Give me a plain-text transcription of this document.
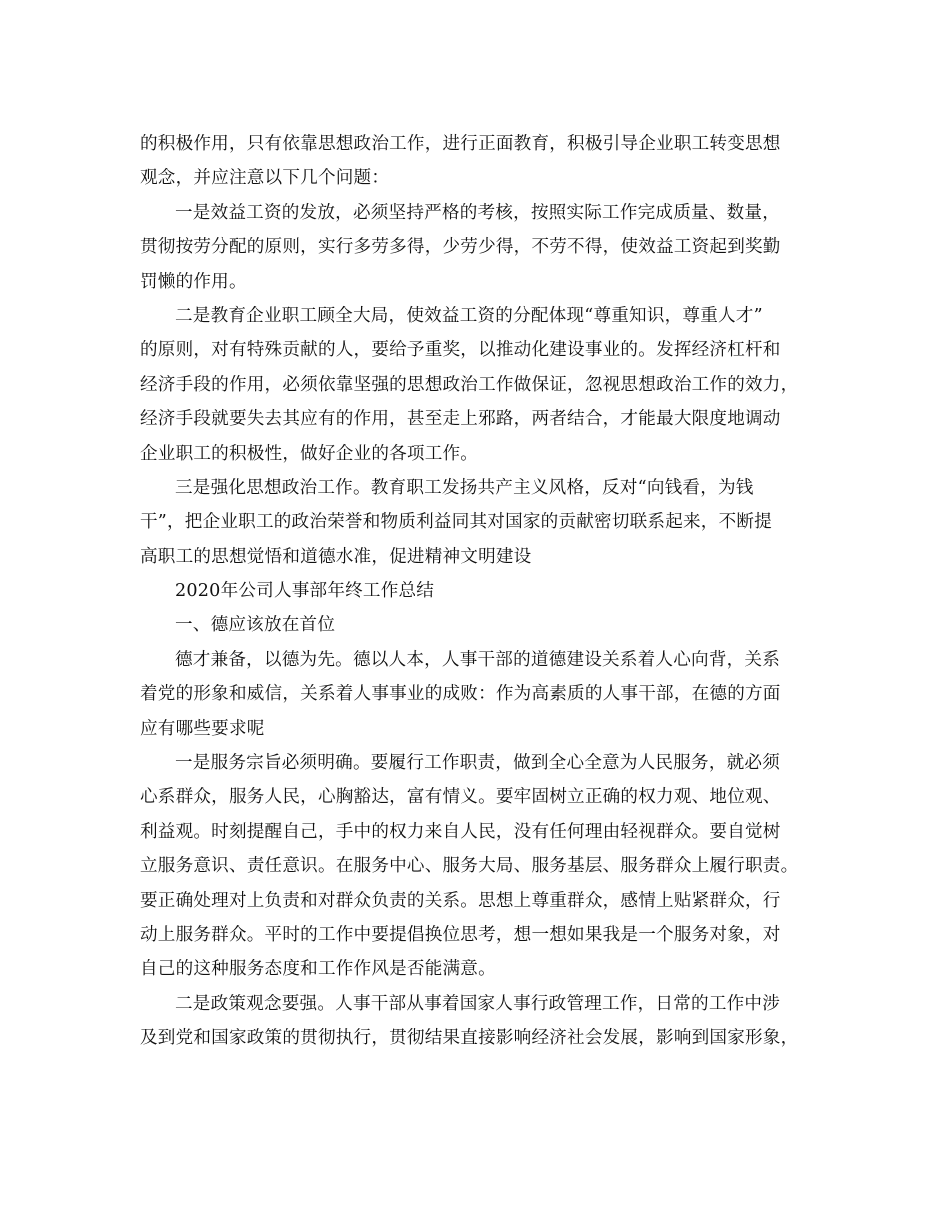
的积极作用，只有依靠思想政治工作，进行正面教育，积极引导企业职工转变思想
观念，并应注意以下几个问题：
一是效益工资的发放，必须坚持严格的考核，按照实际工作完成质量、数量，
贯彻按劳分配的原则，实行多劳多得，少劳少得，不劳不得，使效益工资起到奖勤
罚懒的作用。
二是教育企业职工顾全大局，使效益工资的分配体现“尊重知识，尊重人才”
的原则，对有特殊贡献的人，要给予重奖，以推动化建设事业的。发挥经济杠杆和
经济手段的作用，必须依靠坚强的思想政治工作做保证，忽视思想政治工作的效力，
经济手段就要失去其应有的作用，甚至走上邪路，两者结合，才能最大限度地调动
企业职工的积极性，做好企业的各项工作。
三是强化思想政治工作。教育职工发扬共产主义风格，反对“向钱看，为钱
干”，把企业职工的政治荣誉和物质利益同其对国家的贡献密切联系起来，不断提
高职工的思想觉悟和道德水准，促进精神文明建设
2020年公司人事部年终工作总结
一、德应该放在首位
德才兼备，以德为先。德以人本，人事干部的道德建设关系着人心向背，关系
着党的形象和威信，关系着人事事业的成败：作为高素质的人事干部，在德的方面
应有哪些要求呢
一是服务宗旨必须明确。要履行工作职责，做到全心全意为人民服务，就必须
心系群众，服务人民，心胸豁达，富有情义。要牢固树立正确的权力观、地位观、
利益观。时刻提醒自己，手中的权力来自人民，没有任何理由轻视群众。要自觉树
立服务意识、责任意识。在服务中心、服务大局、服务基层、服务群众上履行职责。
要正确处理对上负责和对群众负责的关系。思想上尊重群众，感情上贴紧群众，行
动上服务群众。平时的工作中要提倡换位思考，想一想如果我是一个服务对象，对
自己的这种服务态度和工作作风是否能满意。
二是政策观念要强。人事干部从事着国家人事行政管理工作，日常的工作中涉
及到党和国家政策的贯彻执行，贯彻结果直接影响经济社会发展，影响到国家形象，
